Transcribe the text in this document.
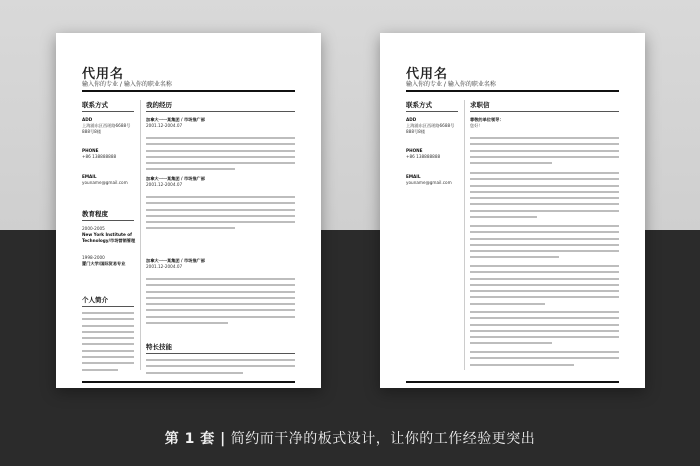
代用名
输入你的专业 / 输入你的职业名称
联系方式
ADD
上海浦东区西瑶路6688号
888号8楼
PHONE
+86 138888888
EMAIL
youname@gmail.com
教育程度
2000-2005
New York Institute of
Technology/市场营销管理
1998-2000
厦门大学/国际贸易专业
个人简介
我的经历
加拿大一一某集团 / 市场推广部
2001.12-2004.07
加拿大一一某集团 / 市场推广部
2001.12-2004.07
加拿大一一某集团 / 市场推广部
2001.12-2004.07
特长技能
代用名
输入你的专业 / 输入你的职业名称
联系方式
ADD
上海浦东区西瑶路6688号
888号8楼
PHONE
+86 138888888
EMAIL
youname@gmail.com
求职信
尊敬的单位领导：
您好！
第 1 套 | 简约而干净的板式设计，让你的工作经验更突出
